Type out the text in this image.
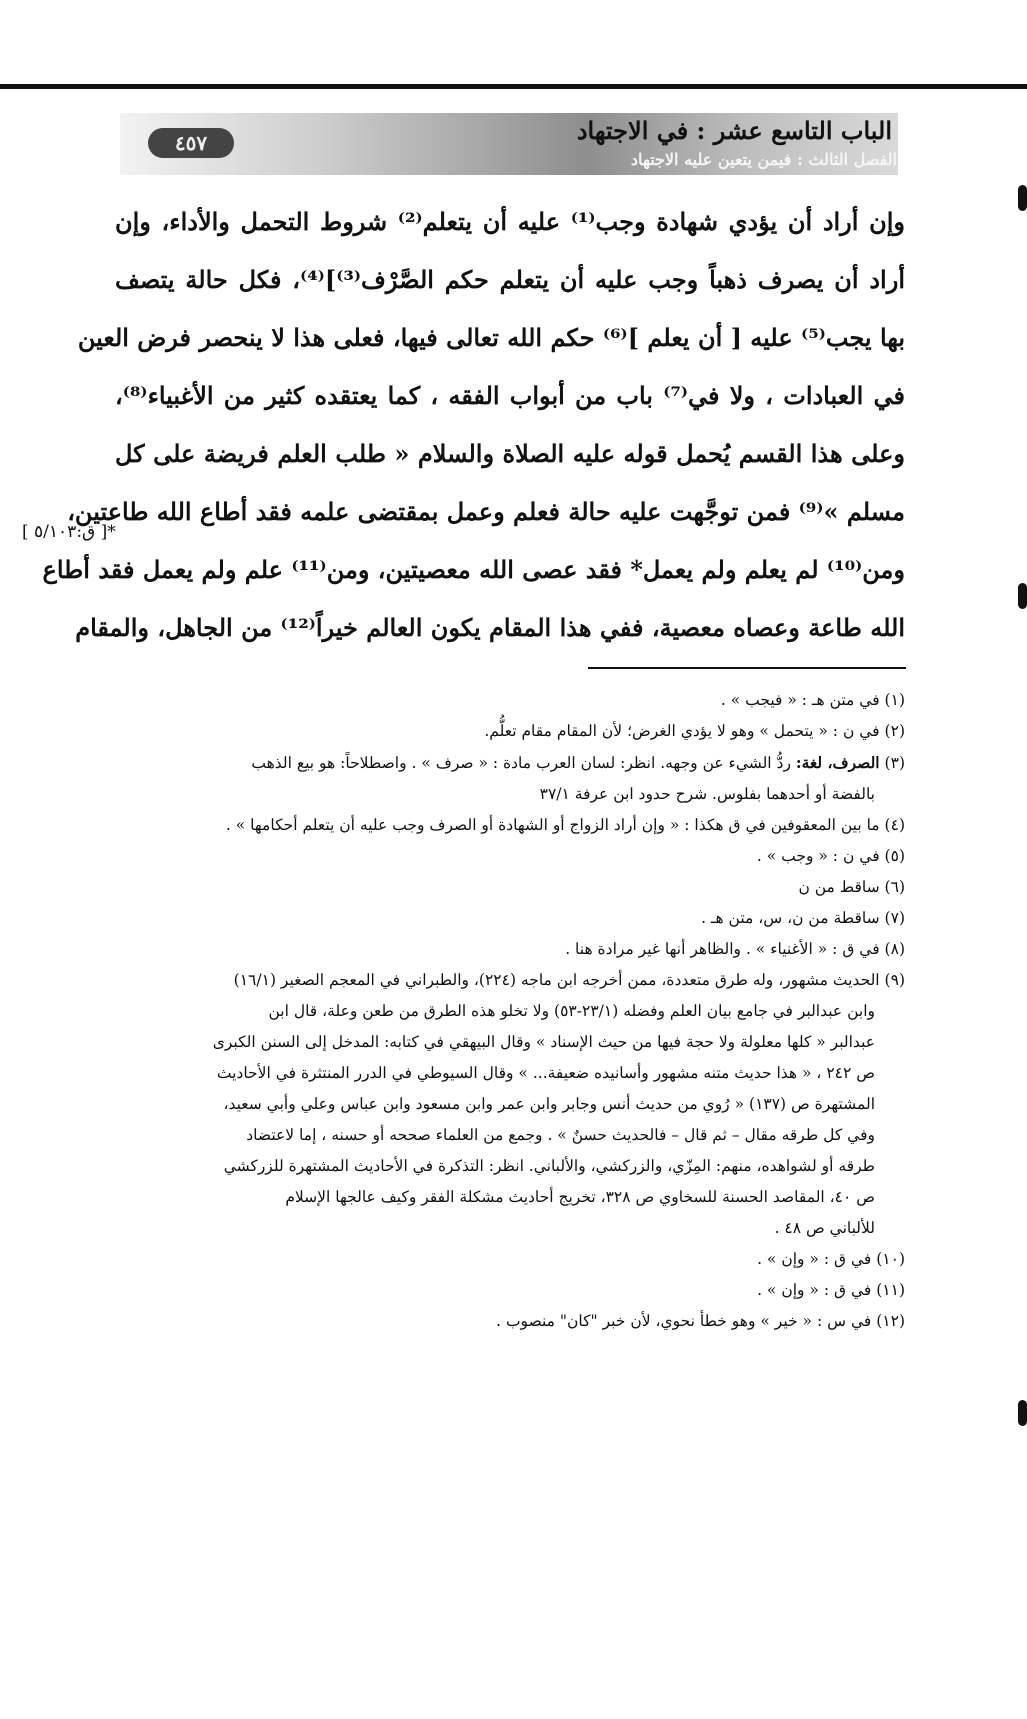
٤٥٧	الباب التاسع عشر : في الاجتهاد
الفصل الثالث : فيمن يتعين عليه الاجتهاد
وإن أراد أن يؤدي شهادة وجب⁽¹⁾ عليه أن يتعلم⁽²⁾ شروط التحمل والأداء، وإن
أراد أن يصرف ذهباً وجب عليه أن يتعلم حكم الصَّرْف⁽³⁾]⁽⁴⁾، فكل حالة يتصف
بها يجب⁽⁵⁾ عليه [ أن يعلم ]⁽⁶⁾ حكم الله تعالى فيها، فعلى هذا لا ينحصر فرض العين
في العبادات ، ولا في⁽⁷⁾ باب من أبواب الفقه ، كما يعتقده كثير من الأغبياء⁽⁸⁾،
وعلى هذا القسم يُحمل قوله عليه الصلاة والسلام « طلب العلم فريضة على كل
مسلم »⁽⁹⁾ فمن توجَّهت عليه حالة فعلم وعمل بمقتضى علمه فقد أطاع الله طاعتين،
ومن⁽¹⁰⁾ لم يعلم ولم يعمل* فقد عصى الله معصيتين، ومن⁽¹¹⁾ علم ولم يعمل فقد أطاع
الله طاعة وعصاه معصية، ففي هذا المقام يكون العالم خيراً⁽¹²⁾ من الجاهل، والمقام
*[ ق:٥/١٠٣ ]

(١) في متن هـ : « فيجب » .

(٢) في ن : « يتحمل » وهو لا يؤدي الغرض؛ لأن المقام مقام تعلُّم.

(٣) الصرف، لغة: ردُّ الشيء عن وجهه. انظر: لسان العرب مادة : « صرف » . واصطلاحاً: هو بيع الذهب

بالفضة أو أحدهما بفلوس. شرح حدود ابن عرفة ٣٧/١

(٤) ما بين المعقوفين في ق هكذا : « وإن أراد الزواج أو الشهادة أو الصرف وجب عليه أن يتعلم أحكامها » .

(٥) في ن : « وجب » .

(٦) ساقط من ن

(٧) ساقطة من ن، س، متن هـ .

(٨) في ق : « الأغنياء » . والظاهر أنها غير مرادة هنا .

(٩) الحديث مشهور، وله طرق متعددة، ممن أخرجه ابن ماجه (٢٢٤)، والطبراني في المعجم الصغير (١٦/١)

وابن عبدالبر في جامع بيان العلم وفضله (٢٣/١-٥٣) ولا تخلو هذه الطرق من طعن وعلة، قال ابن

عبدالبر « كلها معلولة ولا حجة فيها من حيث الإسناد » وقال البيهقي في كتابه: المدخل إلى السنن الكبرى

ص ٢٤٢ ، « هذا حديث متنه مشهور وأسانيده ضعيفة... » وقال السيوطي في الدرر المنتثرة في الأحاديث

المشتهرة ص (١٣٧) « رُوي من حديث أنس وجابر وابن عمر وابن مسعود وابن عباس وعلي وأبي سعيد،

وفي كل طرقه مقال – ثم قال – فالحديث حسنٌ » . وجمع من العلماء صححه أو حسنه ، إما لاعتضاد

طرقه أو لشواهده، منهم: المِزّي، والزركشي، والألباني. انظر: التذكرة في الأحاديث المشتهرة للزركشي

ص ٤٠، المقاصد الحسنة للسخاوي ص ٣٢٨، تخريج أحاديث مشكلة الفقر وكيف عالجها الإسلام

للألباني ص ٤٨ .

(١٠) في ق : « وإن » .

(١١) في ق : « وإن » .

(١٢) في س : « خير » وهو خطأ نحوي، لأن خبر "كان" منصوب .
